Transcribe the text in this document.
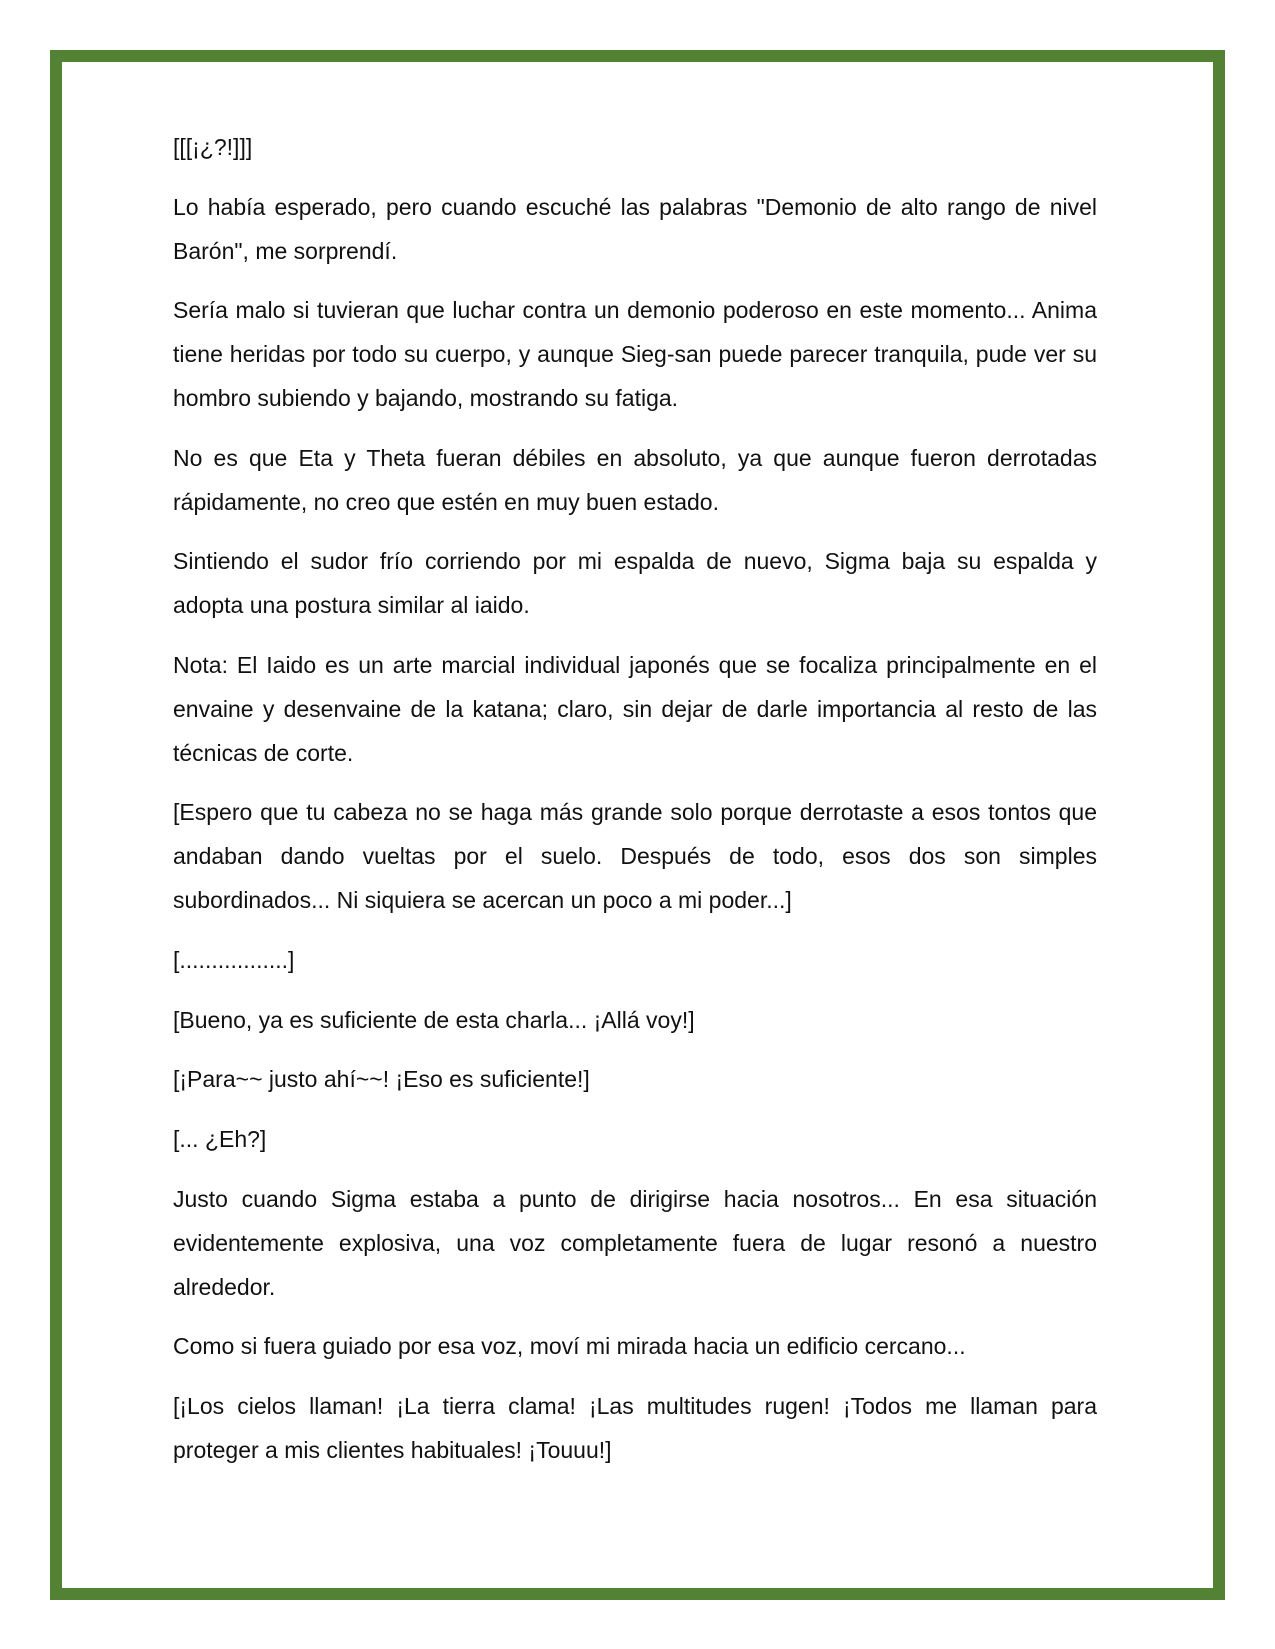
[[[¡¿?!]]]

Lo había esperado, pero cuando escuché las palabras "Demonio de alto rango de nivel Barón", me sorprendí.

Sería malo si tuvieran que luchar contra un demonio poderoso en este momento... Anima tiene heridas por todo su cuerpo, y aunque Sieg-san puede parecer tranquila, pude ver su hombro subiendo y bajando, mostrando su fatiga.

No es que Eta y Theta fueran débiles en absoluto, ya que aunque fueron derrotadas rápidamente, no creo que estén en muy buen estado.

Sintiendo el sudor frío corriendo por mi espalda de nuevo, Sigma baja su espalda y adopta una postura similar al iaido.

Nota: El Iaido es un arte marcial individual japonés que se focaliza principalmente en el envaine y desenvaine de la katana; claro, sin dejar de darle importancia al resto de las técnicas de corte.

[Espero que tu cabeza no se haga más grande solo porque derrotaste a esos tontos que andaban dando vueltas por el suelo. Después de todo, esos dos son simples subordinados... Ni siquiera se acercan un poco a mi poder...]

[.................]

[Bueno, ya es suficiente de esta charla... ¡Allá voy!]

[¡Para~~ justo ahí~~! ¡Eso es suficiente!]

[... ¿Eh?]

Justo cuando Sigma estaba a punto de dirigirse hacia nosotros... En esa situación evidentemente explosiva, una voz completamente fuera de lugar resonó a nuestro alrededor.

Como si fuera guiado por esa voz, moví mi mirada hacia un edificio cercano...

[¡Los cielos llaman! ¡La tierra clama! ¡Las multitudes rugen! ¡Todos me llaman para proteger a mis clientes habituales! ¡Touuu!]
